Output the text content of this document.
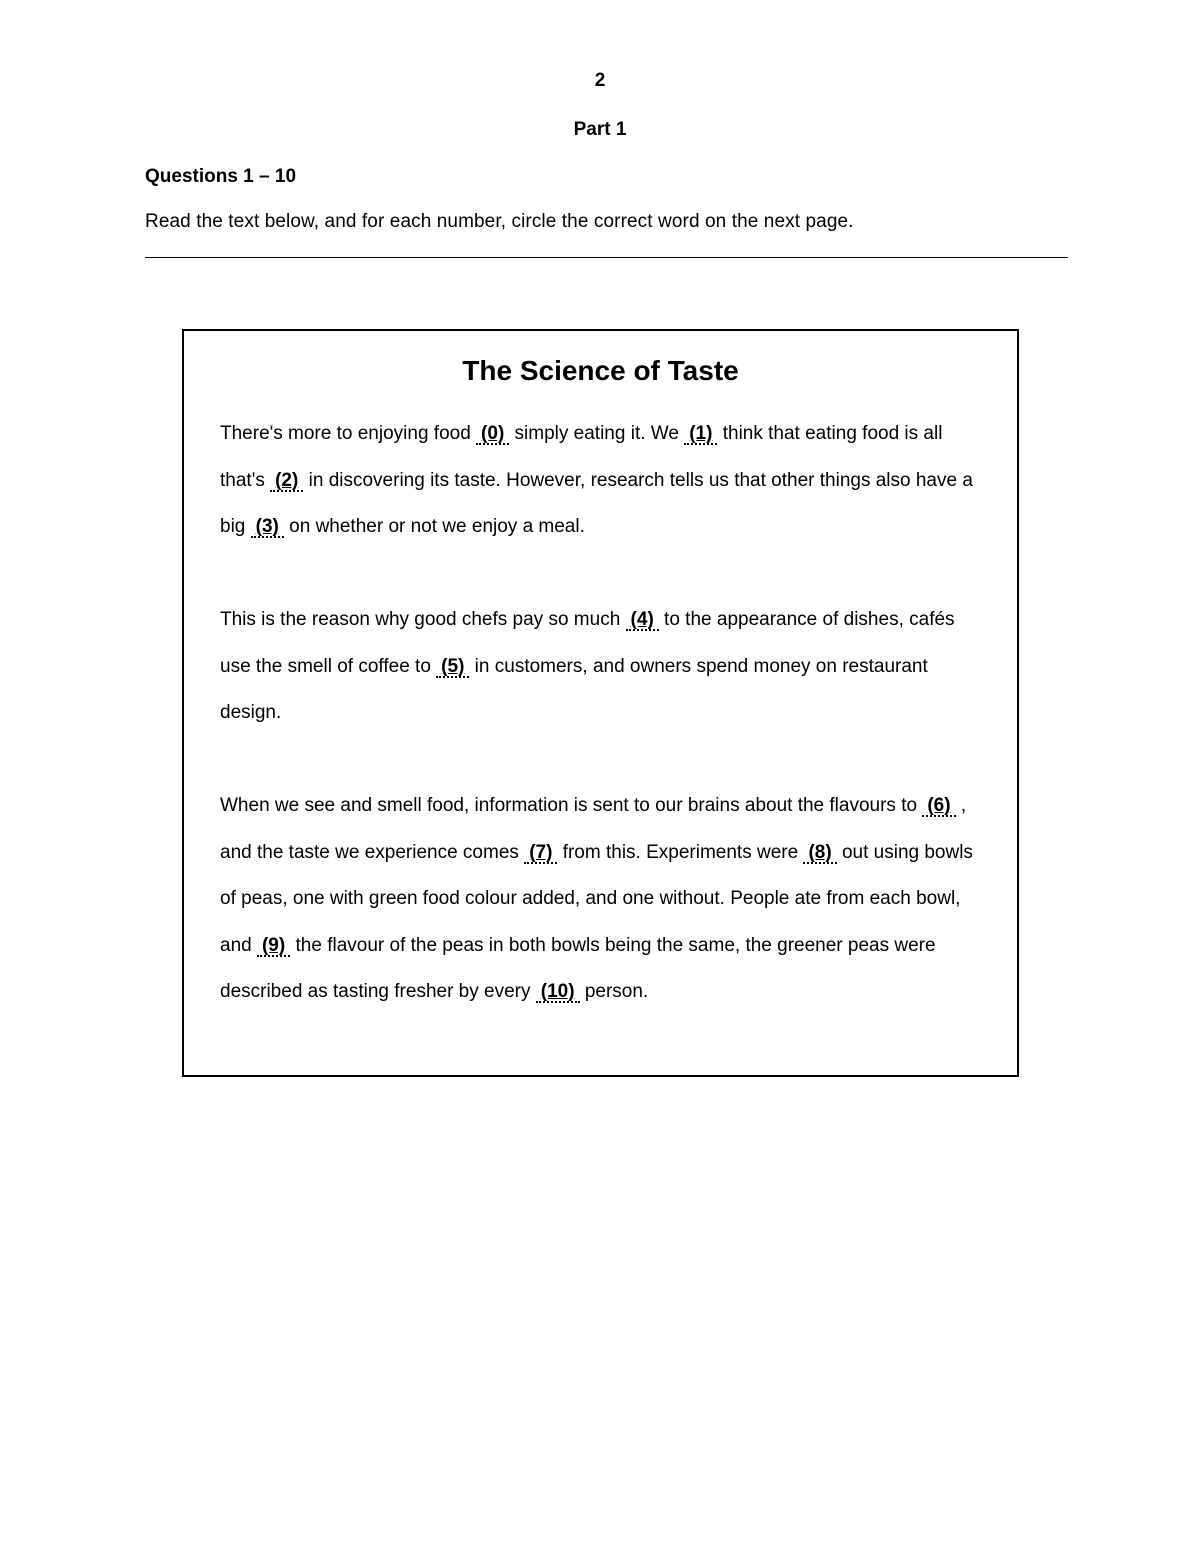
2
Part 1
Questions 1 – 10
Read the text below, and for each number, circle the correct word on the next page.
The Science of Taste

There's more to enjoying food (0) simply eating it. We (1) think that eating food is all that's (2) in discovering its taste. However, research tells us that other things also have a big (3) on whether or not we enjoy a meal.

This is the reason why good chefs pay so much (4) to the appearance of dishes, cafés use the smell of coffee to (5) in customers, and owners spend money on restaurant design.

When we see and smell food, information is sent to our brains about the flavours to (6) , and the taste we experience comes (7) from this. Experiments were (8) out using bowls of peas, one with green food colour added, and one without. People ate from each bowl, and (9) the flavour of the peas in both bowls being the same, the greener peas were described as tasting fresher by every (10) person.
